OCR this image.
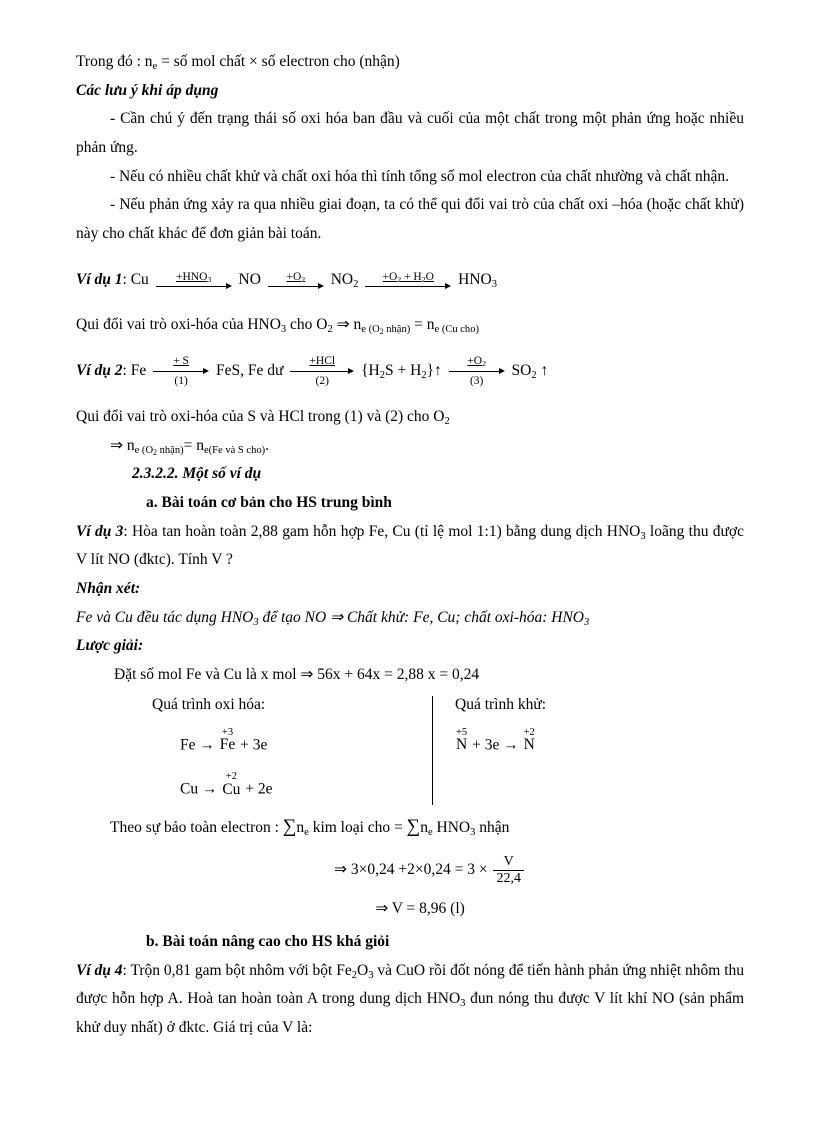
Trong đó : $n_e$ = số mol chất × số electron cho (nhận)

Các lưu ý khi áp dụng

- Cần chú ý đến trạng thái số oxi hóa ban đầu và cuối của một chất trong một phản ứng hoặc nhiều phản ứng.

- Nếu có nhiều chất khử và chất oxi hóa thì tính tổng số mol electron của chất nhường và chất nhận.

- Nếu phản ứng xảy ra qua nhiều giai đoạn, ta có thể qui đổi vai trò của chất oxi –hóa (hoặc chất khử) này cho chất khác để đơn giản bài toán.

Ví dụ 1: Cu	$+HNO_3$	NO	$+O_2$	$NO_2$
$+O_2 + H_2O$	$HNO_3$

Qui đổi vai trò oxi-hóa của $HNO_3$ cho $O_2$ ⇒ $n_{e (O2 nhận)} = n_{e (Cu cho)}$

Ví dụ 2: Fe $\frac{+ S}{(1)}$ FeS, Fe dư
+HCl
(2)
{$H_2S$ + $H_2\}↑ \frac{+O_2}{(3)} SO_2$ ↑

Qui đổi vai trò oxi-hóa của S và HCl trong (1) và (2) cho $O_2$

⇒ $n_{e (O2 nhận)}= n_{e(Fe và S cho)}$.

2.3.2.2. Một số ví dụ

a. Bài toán cơ bản cho HS trung bình

Ví dụ 3: Hòa tan hoàn toàn 2,88 gam hỗn hợp Fe, Cu (tỉ lệ mol 1:1) bằng dung dịch $HNO_3$ loãng thu được V lít NO (đktc). Tính V ?

Nhận xét:

Fe và Cu đều tác dụng $HNO_3$ để tạo NO ⇒ Chất khử: Fe, Cu; chất oxi-hóa: $HNO_3$

Lược giải:

Đặt số mol Fe và Cu là x mol ⇒ 56x + 64x = 2,88 x = 0,24

Quá trình oxi hóa:	Quá trình khử:
Fe →
+3
Fe + 3e
Cu →
+2
Cu + 2e
+5
N + 3e →
+2
N

Theo sự bảo toàn electron : $\sum n_e$ kim loại cho = $\sum n_e$ $HNO_3$ nhận

⇒ $3\times 0,24 +2\times 0,24 = 3 \times \frac{V}{22,4}$

⇒ V = 8,96 (l)

b. Bài toán nâng cao cho HS khá giỏi

Ví dụ 4: Trộn 0,81 gam bột nhôm với bột $Fe_2O_3$ và CuO rồi đốt nóng để tiến hành phản ứng nhiệt nhôm thu được hỗn hợp A. Hoà tan hoàn toàn A trong dung dịch $HNO_3$ đun nóng thu được V lít khí NO (sản phẩm khử duy nhất) ở đktc. Giá trị của V là:
